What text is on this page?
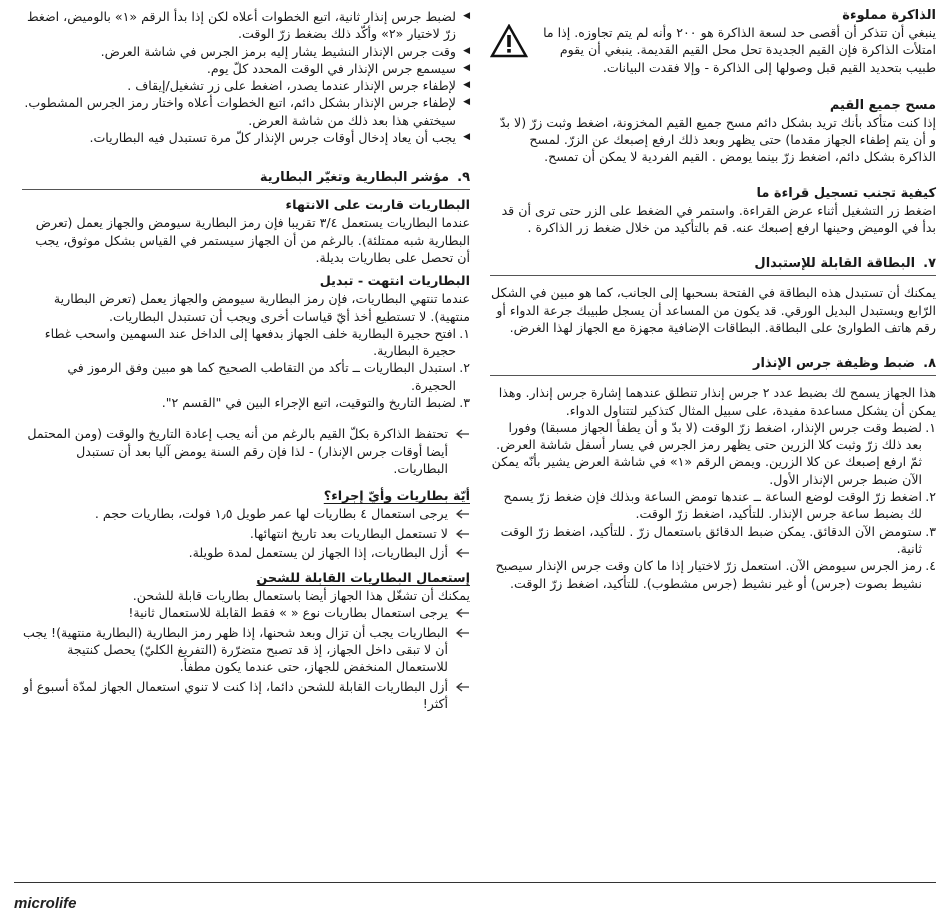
الذاكرة مملوءة

ينبغي أن تتذكر أن أقصى حد لسعة الذاكرة هو ٢٠٠ وأنه لم يتم تجاوزه. إذا ما امتلأت الذاكرة فإن القيم الجديدة تحل محل القيم القديمة. ينبغي أن يقوم طبيب بتحديد القيم قبل وصولها إلى الذاكرة - وإلا فقدت البيانات.

مسح جميع القيم

إذا كنت متأكد بأنك تريد بشكل دائم مسح جميع القيم المخزونة، اضغط وثبت زرّ (لا بدّ و أن يتم إطفاء الجهاز مقدما) حتى يظهر وبعد ذلك ارفع إصبعك عن الزرّ. لمسح الذاكرة بشكل دائم، اضغط زرّ بينما يومض . القيم الفردية لا يمكن أن تمسح.

كيفية تجنب تسجيل قراءة ما

اضغط زر التشغيل أثناء عرض القراءة. واستمر في الضغط على الزر حتى ترى أن قد بدأ في الوميض وحينها ارفع إصبعك عنه. قم بالتأكيد من خلال ضغط زر الذاكرة .

٧.
البطاقة القابلة للإستبدال

يمكنك أن تستبدل هذه البطاقة في الفتحة بسحبها إلى الجانب، كما هو مبين في الشكل الرّابع ويستبدل البديل الورقي. قد يكون من المساعد أن يسجل طبيبك جرعة الدواء أو رقم هاتف الطوارئ على البطاقة. البطاقات الإضافية مجهزة مع الجهاز لهذا الغرض.

٨.
ضبط وظيفة جرس الإنذار

هذا الجهاز يسمح لك بضبط عدد ٢ جرس إنذار تنطلق عندهما إشارة جرس إنذار. وهذا يمكن أن يشكل مساعدة مفيدة، على سبيل المثال كتذكير لتتناول الدواء.

١.
لضبط وقت جرس الإنذار، اضغط زرّ الوقت (لا بدّ و أن يطفأ الجهاز مسبقا) وفورا بعد ذلك زرّ وثبت كلا الزرين حتى يظهر رمز الجرس في يسار أسفل شاشة العرض. ثمّ ارفع إصبعك عن كلا الزرين. ويمض الرقم «١» في شاشة العرض يشير بأنّه يمكن الآن ضبط جرس الإنذار الأول.
٢.
اضغط زرّ الوقت لوضع الساعة ــ عندها تومض الساعة وبذلك فإن ضغط زرّ يسمح لك بضبط ساعة جرس الإنذار. للتأكيد، اضغط زرّ الوقت.
٣.
ستومض الآن الدقائق. يمكن ضبط الدقائق باستعمال زرّ . للتأكيد، اضغط زرّ الوقت ثانية.
٤.
رمز الجرس سيومض الآن. استعمل زرّ لاختيار إذا ما كان وقت جرس الإنذار سيصبح نشيط بصوت (جرس) أو غير نشيط (جرس مشطوب). للتأكيد، اضغط زرّ الوقت.
◀ لضبط جرس إنذار ثانية، اتبع الخطوات أعلاه لكن إذا بدأ الرقم «١» بالوميض، اضغط زرّ لاختيار «٢» وأكّد ذلك بضغط زرّ الوقت.
◀ وقت جرس الإنذار النشيط يشار إليه برمز الجرس في شاشة العرض.
◀ سيسمع جرس الإنذار في الوقت المحدد كلّ يوم.
◀ لإطفاء جرس الإنذار عندما يصدر، اضغط على زر تشغيل/إيقاف .
◀ لإطفاء جرس الإنذار بشكل دائم، اتبع الخطوات أعلاه واختار رمز الجرس المشطوب. سيختفي هذا بعد ذلك من شاشة العرض.
◀ يجب أن يعاد إدخال أوقات جرس الإنذار كلّ مرة تستبدل فيه البطاريات.
٩.
مؤشر البطارية وتغيّر البطارية

البطاريات قاربت على الانتهاء

عندما البطاريات يستعمل ٣/٤ تقريبا فإن رمز البطارية سيومض والجهاز يعمل (تعرض البطارية شبه ممتلئة). بالرغم من أن الجهاز سيستمر في القياس بشكل موثوق، يجب أن تحصل على بطاريات بديلة.

البطاريات انتهت - تبديل

عندما تنتهي البطاريات، فإن رمز البطارية سيومض والجهاز يعمل (تعرض البطارية منتهية). لا تستطيع أخذ أيّ قياسات أخرى ويجب أن تستبدل البطاريات.

١.
افتح حجيرة البطارية خلف الجهاز بدفعها إلى الداخل عند السهمين واسحب غطاء حجيرة البطارية.
٢.
استبدل البطاريات ــ تأكد من التقاطب الصحيح كما هو مبين وفق الرموز في الحجيرة.
٣.
لضبط التاريخ والتوقيت، اتبع الإجراء البين في "القسم ٢".
تحتفظ الذاكرة بكلّ القيم بالرغم من أنه يجب إعادة التاريخ والوقت (ومن المحتمل أيضا أوقات جرس الإنذار) - لذا فإن رقم السنة يومض آليا بعد أن تستبدل البطاريات.

أيّة بطاريات وأيّ إجراء؟

يرجى استعمال ٤ بطاريات لها عمر طويل ١٫٥ فولت، بطاريات حجم .
لا تستعمل البطاريات بعد تاريخ انتهائها.
أزل البطاريات، إذا الجهاز لن يستعمل لمدة طويلة.

إستعمال البطاريات القابلة للشحن

يمكنك أن تشغّل هذا الجهاز أيضا باستعمال بطاريات قابلة للشحن.

يرجى استعمال بطاريات نوع « » فقط القابلة للاستعمال ثانية!
البطاريات يجب أن تزال وبعد شحنها، إذا ظهر رمز البطارية (البطارية منتهية)! يجب أن لا تبقى داخل الجهاز، إذ قد تصبح متضرّرة (التفريغ الكليّ) يحصل كنتيجة للاستعمال المنخفض للجهاز، حتى عندما يكون مطفأ.
أزل البطاريات القابلة للشحن دائما، إذا كنت لا تنوي استعمال الجهاز لمدّة أسبوع أو أكثر!
microlife
